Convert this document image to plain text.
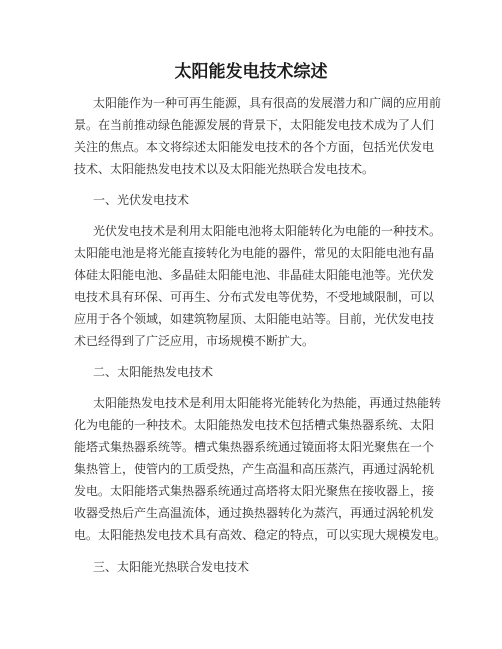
太阳能发电技术综述
太阳能作为一种可再生能源，具有很高的发展潜力和广阔的应用前
景。在当前推动绿色能源发展的背景下，太阳能发电技术成为了人们
关注的焦点。本文将综述太阳能发电技术的各个方面，包括光伏发电
技术、太阳能热发电技术以及太阳能光热联合发电技术。
一、光伏发电技术
光伏发电技术是利用太阳能电池将太阳能转化为电能的一种技术。
太阳能电池是将光能直接转化为电能的器件，常见的太阳能电池有晶
体硅太阳能电池、多晶硅太阳能电池、非晶硅太阳能电池等。光伏发
电技术具有环保、可再生、分布式发电等优势，不受地域限制，可以
应用于各个领域，如建筑物屋顶、太阳能电站等。目前，光伏发电技
术已经得到了广泛应用，市场规模不断扩大。
二、太阳能热发电技术
太阳能热发电技术是利用太阳能将光能转化为热能，再通过热能转
化为电能的一种技术。太阳能热发电技术包括槽式集热器系统、太阳
能塔式集热器系统等。槽式集热器系统通过镜面将太阳光聚焦在一个
集热管上，使管内的工质受热，产生高温和高压蒸汽，再通过涡轮机
发电。太阳能塔式集热器系统通过高塔将太阳光聚焦在接收器上，接
收器受热后产生高温流体，通过换热器转化为蒸汽，再通过涡轮机发
电。太阳能热发电技术具有高效、稳定的特点，可以实现大规模发电。
三、太阳能光热联合发电技术
